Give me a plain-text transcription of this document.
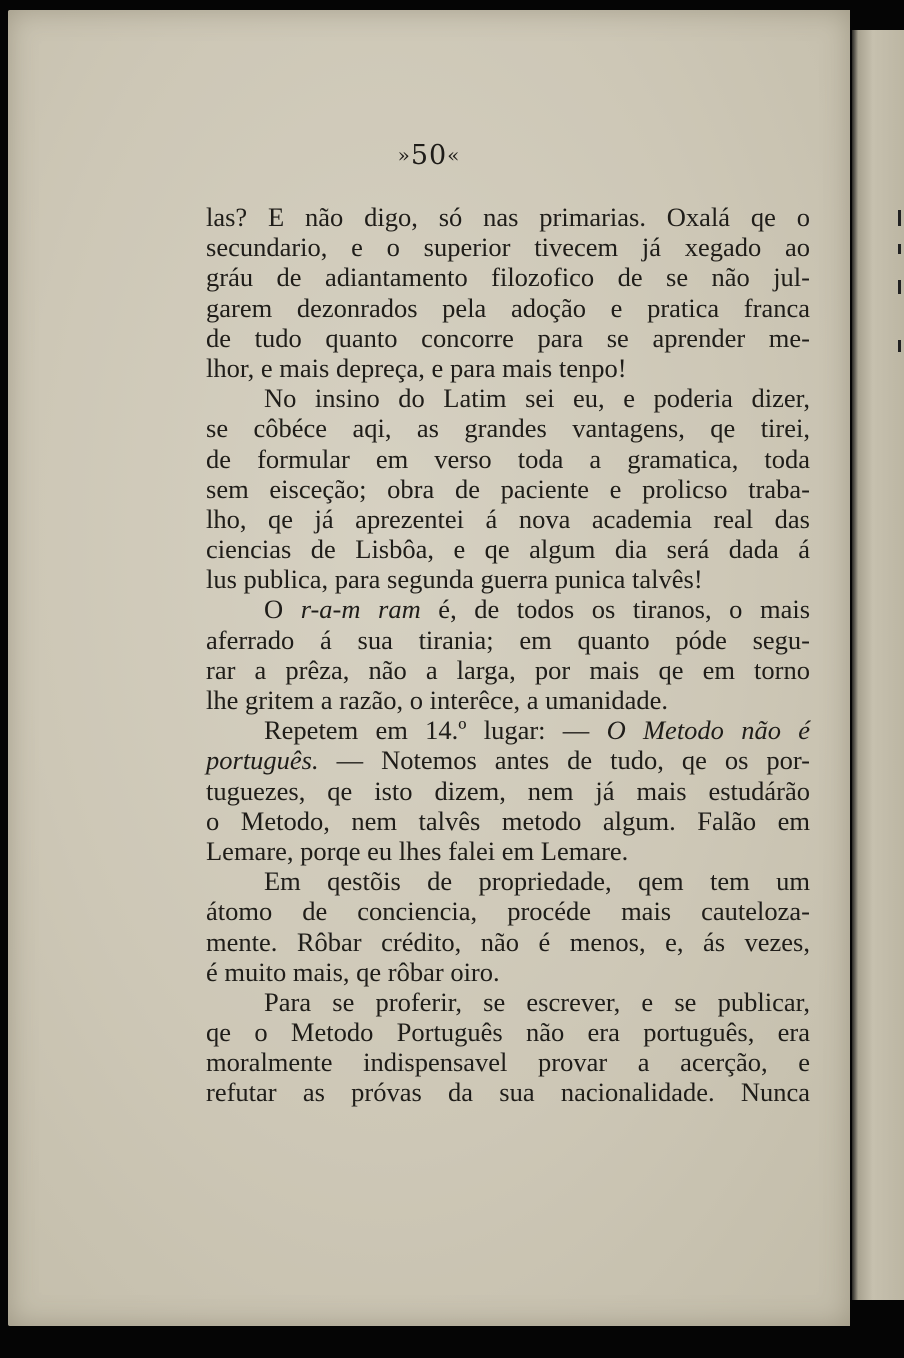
»50«
las? E não digo, só nas primarias. Oxalá qe o
secundario, e o superior tivecem já xegado ao
gráu de adiantamento filozofico de se não jul-
garem dezonrados pela adoção e pratica franca
de tudo quanto concorre para se aprender me-
lhor, e mais depreça, e para mais tenpo!
No insino do Latim sei eu, e poderia dizer,
se côbéce aqi, as grandes vantagens, qe tirei,
de formular em verso toda a gramatica, toda
sem eisceção; obra de paciente e prolicso traba-
lho, qe já aprezentei á nova academia real das
ciencias de Lisbôa, e qe algum dia será dada á
lus publica, para segunda guerra punica talvês!
O r-a-m ram é, de todos os tiranos, o mais
aferrado á sua tirania; em quanto póde segu-
rar a prêza, não a larga, por mais qe em torno
lhe gritem a razão, o interêce, a umanidade.
Repetem em 14.º lugar: — O Metodo não é
português. — Notemos antes de tudo, qe os por-
tuguezes, qe isto dizem, nem já mais estudárão
o Metodo, nem talvês metodo algum. Falão em
Lemare, porqe eu lhes falei em Lemare.
Em qestõis de propriedade, qem tem um
átomo de conciencia, procéde mais cauteloza-
mente. Rôbar crédito, não é menos, e, ás vezes,
é muito mais, qe rôbar oiro.
Para se proferir, se escrever, e se publicar,
qe o Metodo Português não era português, era
moralmente indispensavel provar a acerção, e
refutar as próvas da sua nacionalidade. Nunca
